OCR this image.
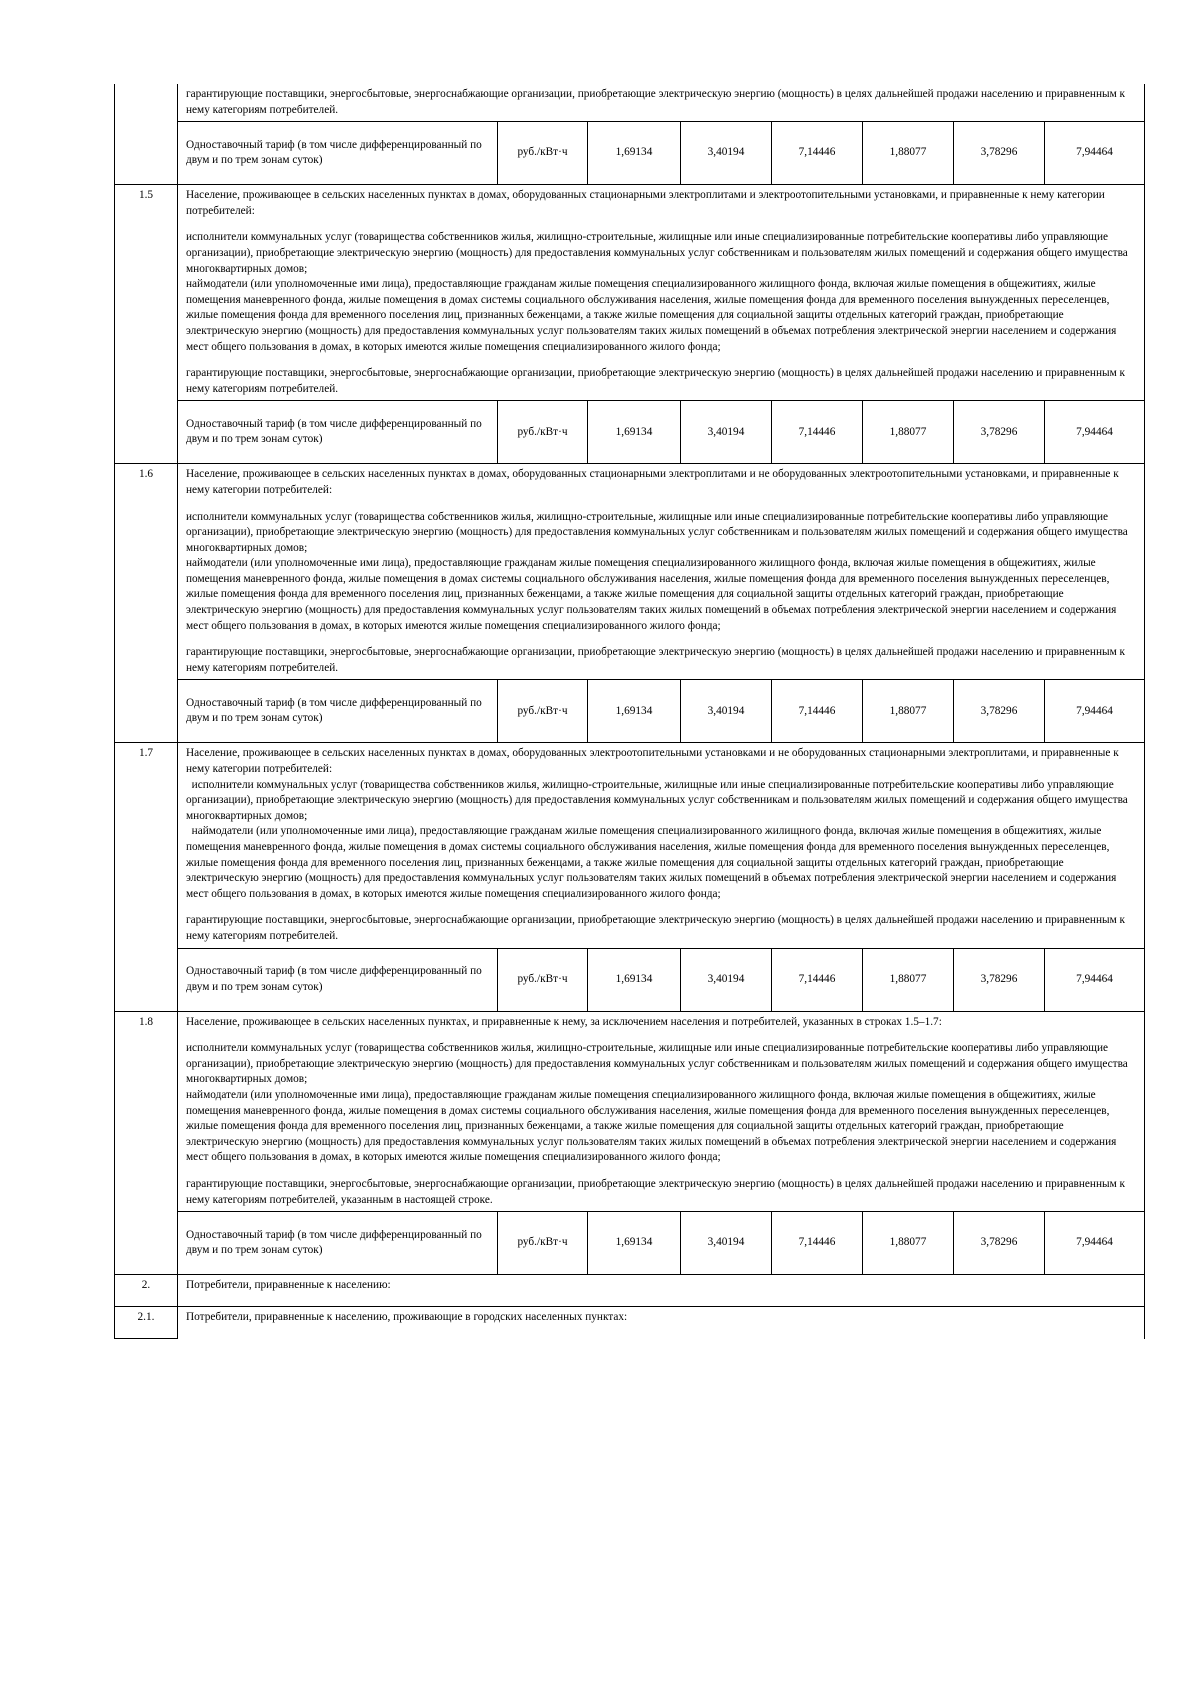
	гарантирующие поставщики, энергосбытовые, энергоснабжающие организации, приобретающие электрическую энергию (мощность) в целях дальнейшей продажи населению и приравненным к нему категориям потребителей.							

	Одноставочный тариф (в том числе дифференцированный по двум и по трем зонам суток)	руб./кВт·ч	1,69134	3,40194	7,14446	1,88077	3,78296	7,94464
1.5	Население, проживающее в сельских населенных пунктах в домах, оборудованных стационарными электроплитами и электроотопительными установками, и приравненные к нему категории потребителей:

исполнители коммунальных услуг (товарищества собственников жилья, жилищно-строительные, жилищные или иные специализированные потребительские кооперативы либо управляющие организации), приобретающие электрическую энергию (мощность) для предоставления коммунальных услуг собственникам и пользователям жилых помещений и содержания общего имущества многоквартирных домов;

наймодатели (или уполномоченные ими лица), предоставляющие гражданам жилые помещения специализированного жилищного фонда, включая жилые помещения в общежитиях, жилые помещения маневренного фонда, жилые помещения в домах системы социального обслуживания населения, жилые помещения фонда для временного поселения вынужденных переселенцев, жилые помещения фонда для временного поселения лиц, признанных беженцами, а также жилые помещения для социальной защиты отдельных категорий граждан, приобретающие электрическую энергию (мощность) для предоставления коммунальных услуг пользователям таких жилых помещений в объемах потребления электрической энергии населением и содержания мест общего пользования в домах, в которых имеются жилые помещения специализированного жилого фонда;

гарантирующие поставщики, энергосбытовые, энергоснабжающие организации, приобретающие электрическую энергию (мощность) в целях дальнейшей продажи населению и приравненным к нему категориям потребителей.							

	Одноставочный тариф (в том числе дифференцированный по двум и по трем зонам суток)	руб./кВт·ч	1,69134	3,40194	7,14446	1,88077	3,78296	7,94464
1.6	Население, проживающее в сельских населенных пунктах в домах, оборудованных стационарными электроплитами и не оборудованных электроотопительными установками, и приравненные к нему категории потребителей:

исполнители коммунальных услуг (товарищества собственников жилья, жилищно-строительные, жилищные или иные специализированные потребительские кооперативы либо управляющие организации), приобретающие электрическую энергию (мощность) для предоставления коммунальных услуг собственникам и пользователям жилых помещений и содержания общего имущества многоквартирных домов;

наймодатели (или уполномоченные ими лица), предоставляющие гражданам жилые помещения специализированного жилищного фонда, включая жилые помещения в общежитиях, жилые помещения маневренного фонда, жилые помещения в домах системы социального обслуживания населения, жилые помещения фонда для временного поселения вынужденных переселенцев, жилые помещения фонда для временного поселения лиц, признанных беженцами, а также жилые помещения для социальной защиты отдельных категорий граждан, приобретающие электрическую энергию (мощность) для предоставления коммунальных услуг пользователям таких жилых помещений в объемах потребления электрической энергии населением и содержания мест общего пользования в домах, в которых имеются жилые помещения специализированного жилого фонда;

гарантирующие поставщики, энергосбытовые, энергоснабжающие организации, приобретающие электрическую энергию (мощность) в целях дальнейшей продажи населению и приравненным к нему категориям потребителей.							

	Одноставочный тариф (в том числе дифференцированный по двум и по трем зонам суток)	руб./кВт·ч	1,69134	3,40194	7,14446	1,88077	3,78296	7,94464
1.7	Население, проживающее в сельских населенных пунктах в домах, оборудованных электроотопительными установками и не оборудованных стационарными электроплитами, и приравненные к нему категории потребителей:

исполнители коммунальных услуг (товарищества собственников жилья, жилищно-строительные, жилищные или иные специализированные потребительские кооперативы либо управляющие организации), приобретающие электрическую энергию (мощность) для предоставления коммунальных услуг собственникам и пользователям жилых помещений и содержания общего имущества многоквартирных домов;

наймодатели (или уполномоченные ими лица), предоставляющие гражданам жилые помещения специализированного жилищного фонда, включая жилые помещения в общежитиях, жилые помещения маневренного фонда, жилые помещения в домах системы социального обслуживания населения, жилые помещения фонда для временного поселения вынужденных переселенцев, жилые помещения фонда для временного поселения лиц, признанных беженцами, а также жилые помещения для социальной защиты отдельных категорий граждан, приобретающие электрическую энергию (мощность) для предоставления коммунальных услуг пользователям таких жилых помещений в объемах потребления электрической энергии населением и содержания мест общего пользования в домах, в которых имеются жилые помещения специализированного жилого фонда;

гарантирующие поставщики, энергосбытовые, энергоснабжающие организации, приобретающие электрическую энергию (мощность) в целях дальнейшей продажи населению и приравненным к нему категориям потребителей.							

	Одноставочный тариф (в том числе дифференцированный по двум и по трем зонам суток)	руб./кВт·ч	1,69134	3,40194	7,14446	1,88077	3,78296	7,94464
1.8	Население, проживающее в сельских населенных пунктах, и приравненные к нему, за исключением населения и потребителей, указанных в строках 1.5–1.7:

исполнители коммунальных услуг (товарищества собственников жилья, жилищно-строительные, жилищные или иные специализированные потребительские кооперативы либо управляющие организации), приобретающие электрическую энергию (мощность) для предоставления коммунальных услуг собственникам и пользователям жилых помещений и содержания общего имущества многоквартирных домов;

наймодатели (или уполномоченные ими лица), предоставляющие гражданам жилые помещения специализированного жилищного фонда, включая жилые помещения в общежитиях, жилые помещения маневренного фонда, жилые помещения в домах системы социального обслуживания населения, жилые помещения фонда для временного поселения вынужденных переселенцев, жилые помещения фонда для временного поселения лиц, признанных беженцами, а также жилые помещения для социальной защиты отдельных категорий граждан, приобретающие электрическую энергию (мощность) для предоставления коммунальных услуг пользователям таких жилых помещений в объемах потребления электрической энергии населением и содержания мест общего пользования в домах, в которых имеются жилые помещения специализированного жилого фонда;

гарантирующие поставщики, энергосбытовые, энергоснабжающие организации, приобретающие электрическую энергию (мощность) в целях дальнейшей продажи населению и приравненным к нему категориям потребителей, указанным в настоящей строке.							

	Одноставочный тариф (в том числе дифференцированный по двум и по трем зонам суток)	руб./кВт·ч	1,69134	3,40194	7,14446	1,88077	3,78296	7,94464
2.	Потребители, приравненные к населению:							
2.1.	Потребители, приравненные к населению, проживающие в городских населенных пунктах:							
